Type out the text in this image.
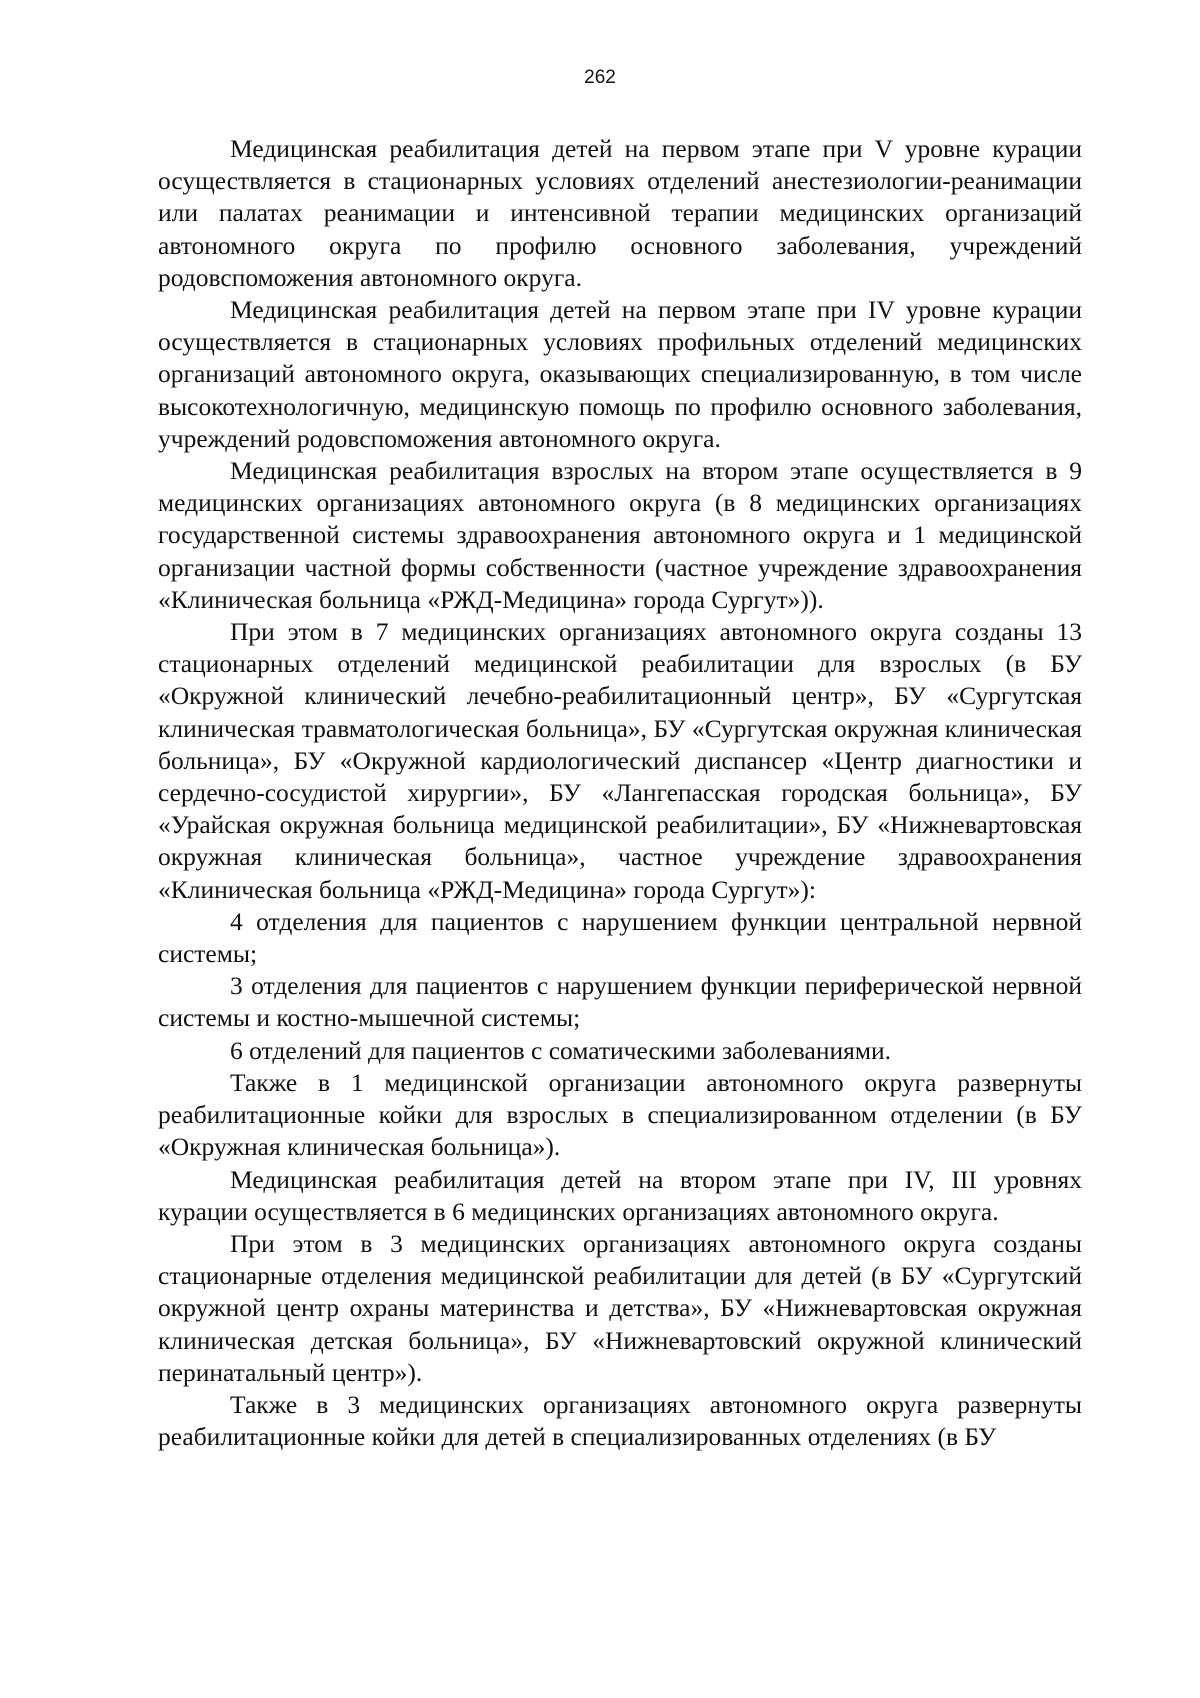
262

Медицинская реабилитация детей на первом этапе при V уровне курации осуществляется в стационарных условиях отделений анестезиологии-реанимации или палатах реанимации и интенсивной терапии медицинских организаций автономного округа по профилю основного заболевания, учреждений родовспоможения автономного округа.

Медицинская реабилитация детей на первом этапе при IV уровне курации осуществляется в стационарных условиях профильных отделений медицинских организаций автономного округа, оказывающих специализированную, в том числе высокотехнологичную, медицинскую помощь по профилю основного заболевания, учреждений родовспоможения автономного округа.

Медицинская реабилитация взрослых на втором этапе осуществляется в 9 медицинских организациях автономного округа (в 8 медицинских организациях государственной системы здравоохранения автономного округа и 1 медицинской организации частной формы собственности (частное учреждение здравоохранения «Клиническая больница «РЖД-Медицина» города Сургут»)).

При этом в 7 медицинских организациях автономного округа созданы 13 стационарных отделений медицинской реабилитации для взрослых (в БУ «Окружной клинический лечебно-реабилитационный центр», БУ «Сургутская клиническая травматологическая больница», БУ «Сургутская окружная клиническая больница», БУ «Окружной кардиологический диспансер «Центр диагностики и сердечно-сосудистой хирургии», БУ «Лангепасская городская больница», БУ «Урайская окружная больница медицинской реабилитации», БУ «Нижневартовская окружная клиническая больница», частное учреждение здравоохранения «Клиническая больница «РЖД-Медицина» города Сургут»):

4 отделения для пациентов с нарушением функции центральной нервной системы;

3 отделения для пациентов с нарушением функции периферической нервной системы и костно-мышечной системы;

6 отделений для пациентов с соматическими заболеваниями.

Также в 1 медицинской организации автономного округа развернуты реабилитационные койки для взрослых в специализированном отделении (в БУ «Окружная клиническая больница»).

Медицинская реабилитация детей на втором этапе при IV, III уровнях курации осуществляется в 6 медицинских организациях автономного округа.

При этом в 3 медицинских организациях автономного округа созданы стационарные отделения медицинской реабилитации для детей (в БУ «Сургутский окружной центр охраны материнства и детства», БУ «Нижневартовская окружная клиническая детская больница», БУ «Нижневартовский окружной клинический перинатальный центр»).

Также в 3 медицинских организациях автономного округа развернуты реабилитационные койки для детей в специализированных отделениях (в БУ
